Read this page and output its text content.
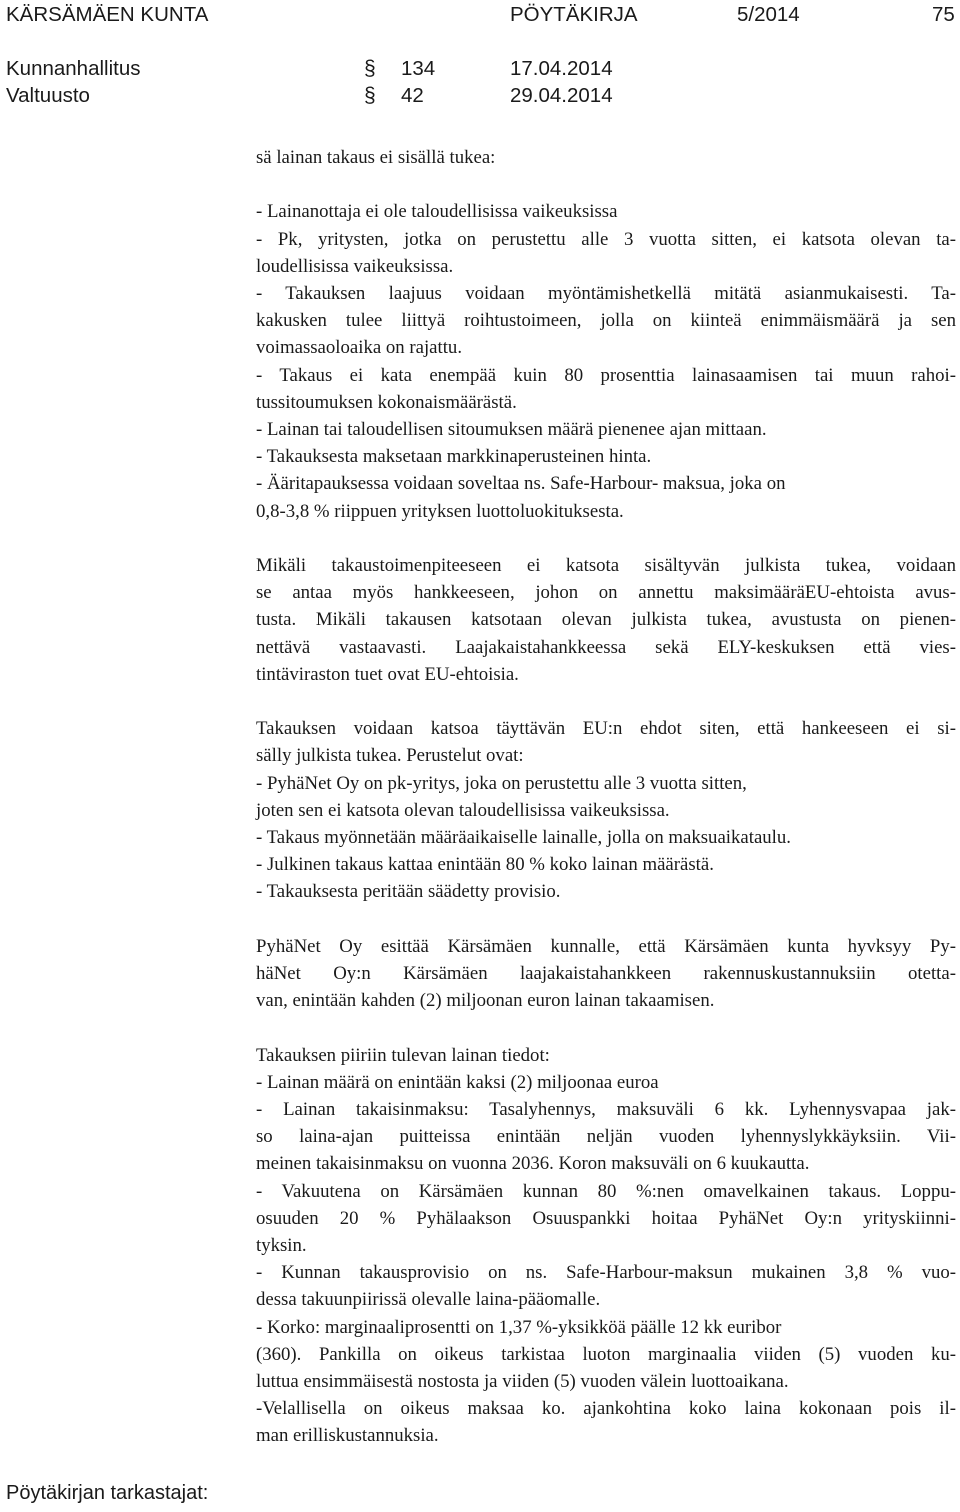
KÄRSÄMÄEN KUNTA	PÖYTÄKIRJA	5/2014	75
Kunnanhallitus	§ 134	17.04.2014
Valtuusto	§ 42	29.04.2014
sä lainan takaus ei sisällä tukea:
- Lainanottaja ei ole taloudellisissa vaikeuksissa
- Pk, yritysten, jotka on perustettu alle 3 vuotta sitten, ei katsota olevan ta-
loudellisissa vaikeuksissa.
- Takauksen laajuus voidaan myöntämishetkellä mitätä asianmukaisesti. Ta-
kakusken tulee liittyä roihtustoimeen, jolla on kiinteä enimmäismäärä ja sen
voimassaoloaika on rajattu.
- Takaus ei kata enempää kuin 80 prosenttia lainasaamisen tai muun rahoi-
tussitoumuksen kokonaismäärästä.
- Lainan tai taloudellisen sitoumuksen määrä pienenee ajan mittaan.
- Takauksesta maksetaan markkinaperusteinen hinta.
- Ääritapauksessa voidaan soveltaa ns. Safe-Harbour- maksua, joka on
0,8-3,8 % riippuen yrityksen luottoluokituksesta.
Mikäli takaustoimenpiteeseen ei katsota sisältyvän julkista tukea, voidaan
se antaa myös hankkeeseen, johon on annettu maksimääräEU-ehtoista avus-
tusta. Mikäli takausen katsotaan olevan julkista tukea, avustusta on pienen-
nettävä vastaavasti. Laajakaistahankkeessa sekä ELY-keskuksen että vies-
tintäviraston tuet ovat EU-ehtoisia.
Takauksen voidaan katsoa täyttävän EU:n ehdot siten, että hankeeseen ei si-
sälly julkista tukea. Perustelut ovat:
- PyhäNet Oy on pk-yritys, joka on perustettu alle 3 vuotta sitten,
joten sen ei katsota olevan taloudellisissa vaikeuksissa.
- Takaus myönnetään määräaikaiselle lainalle, jolla on maksuaikataulu.
- Julkinen takaus kattaa enintään 80 % koko lainan määrästä.
- Takauksesta peritään säädetty provisio.
PyhäNet Oy esittää Kärsämäen kunnalle, että Kärsämäen kunta hyvksyy Py-
häNet Oy:n Kärsämäen laajakaistahankkeen rakennuskustannuksiin otetta-
van, enintään kahden (2) miljoonan euron lainan takaamisen.
Takauksen piiriin tulevan lainan tiedot:
- Lainan määrä on enintään kaksi (2) miljoonaa euroa
- Lainan takaisinmaksu: Tasalyhennys, maksuväli 6 kk. Lyhennysvapaa jak-
so laina-ajan puitteissa enintään neljän vuoden lyhennyslykkäyksiin. Vii-
meinen takaisinmaksu on vuonna 2036. Koron maksuväli on 6 kuukautta.
- Vakuutena on Kärsämäen kunnan 80 %:nen omavelkainen takaus. Loppu-
osuuden 20 % Pyhälaakson Osuuspankki hoitaa PyhäNet Oy:n yrityskiinni-
tyksin.
- Kunnan takausprovisio on ns. Safe-Harbour-maksun mukainen 3,8 % vuo-
dessa takuunpiirissä olevalle laina-pääomalle.
- Korko: marginaaliprosentti on 1,37 %-yksikköä päälle 12 kk euribor
(360). Pankilla on oikeus tarkistaa luoton marginaalia viiden (5) vuoden ku-
luttua ensimmäisestä nostosta ja viiden (5) vuoden välein luottoaikana.
-Velallisella on oikeus maksaa ko. ajankohtina koko laina kokonaan pois il-
man erilliskustannuksia.
Pöytäkirjan tarkastajat:
